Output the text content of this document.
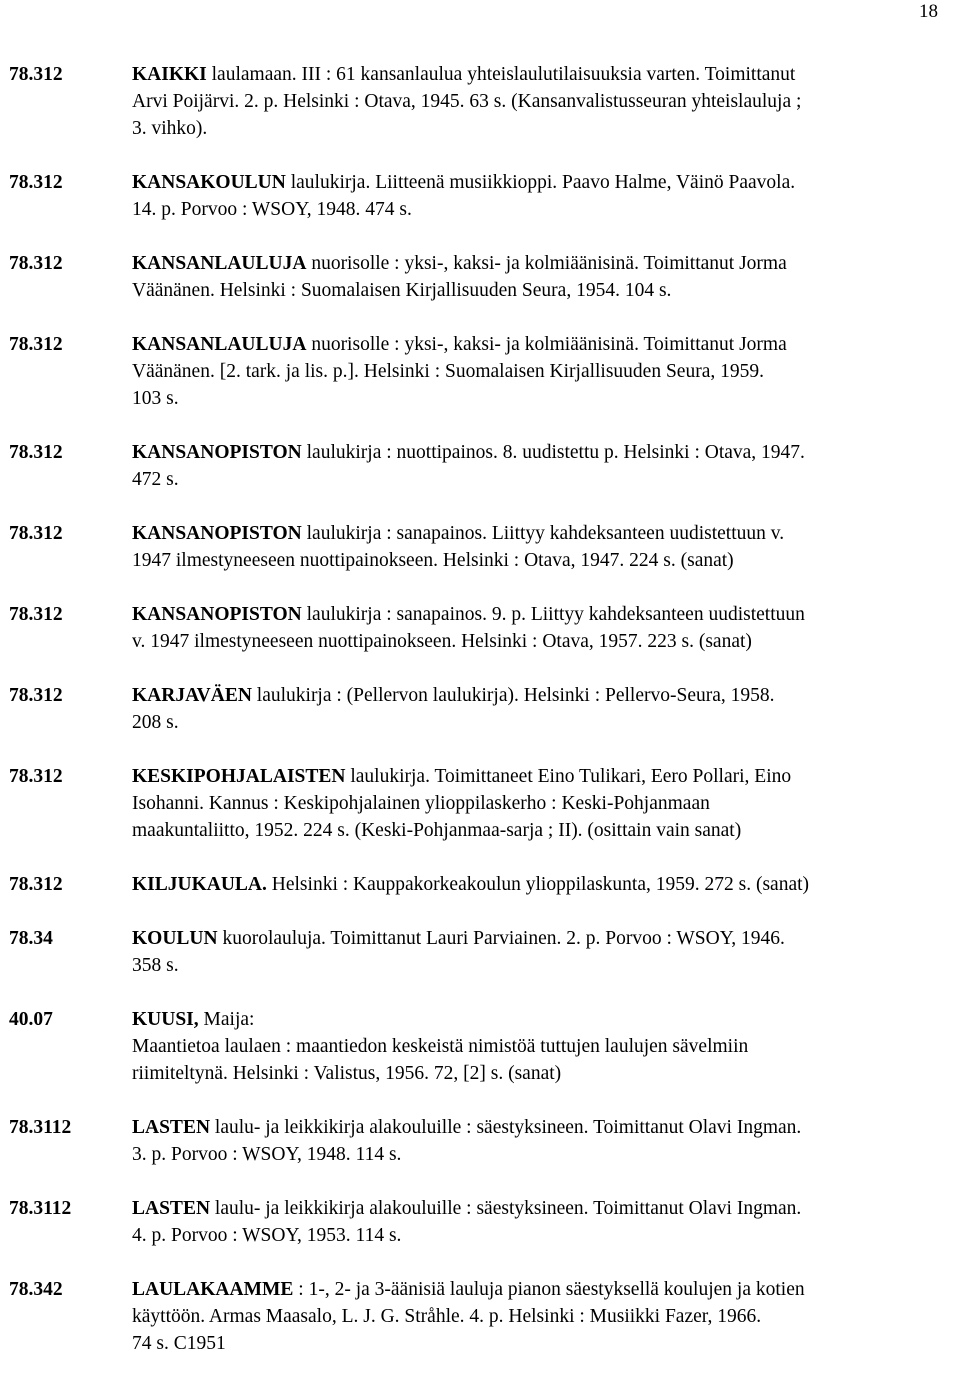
18
78.312	KAIKKI laulamaan. III : 61 kansanlaulua yhteislaulutilaisuuksia varten. Toimittanut
Arvi Poijärvi. 2. p. Helsinki : Otava, 1945. 63 s. (Kansanvalistusseuran yhteislauluja ;
3. vihko).
78.312	KANSAKOULUN laulukirja. Liitteenä musiikkioppi. Paavo Halme, Väinö Paavola.
14. p. Porvoo : WSOY, 1948. 474 s.
78.312	KANSANLAULUJA nuorisolle : yksi-, kaksi- ja kolmiäänisinä. Toimittanut Jorma
Väänänen. Helsinki : Suomalaisen Kirjallisuuden Seura, 1954. 104 s.
78.312	KANSANLAULUJA nuorisolle : yksi-, kaksi- ja kolmiäänisinä. Toimittanut Jorma
Väänänen. [2. tark. ja lis. p.]. Helsinki : Suomalaisen Kirjallisuuden Seura, 1959.
103 s.
78.312	KANSANOPISTON laulukirja : nuottipainos. 8. uudistettu p. Helsinki : Otava, 1947.
472 s.
78.312	KANSANOPISTON laulukirja : sanapainos. Liittyy kahdeksanteen uudistettuun v.
1947 ilmestyneeseen nuottipainokseen. Helsinki : Otava, 1947. 224 s. (sanat)
78.312	KANSANOPISTON laulukirja : sanapainos. 9. p. Liittyy kahdeksanteen uudistettuun
v. 1947 ilmestyneeseen nuottipainokseen. Helsinki : Otava, 1957. 223 s. (sanat)
78.312	KARJAVÄEN laulukirja : (Pellervon laulukirja). Helsinki : Pellervo-Seura, 1958.
208 s.
78.312	KESKIPOHJALAISTEN laulukirja. Toimittaneet Eino Tulikari, Eero Pollari, Eino
Isohanni. Kannus : Keskipohjalainen ylioppilaskerho : Keski-Pohjanmaan
maakuntaliitto, 1952. 224 s. (Keski-Pohjanmaa-sarja ; II). (osittain vain sanat)
78.312	KILJUKAULA. Helsinki : Kauppakorkeakoulun ylioppilaskunta, 1959. 272 s. (sanat)
78.34	KOULUN kuorolauluja. Toimittanut Lauri Parviainen. 2. p. Porvoo : WSOY, 1946.
358 s.
40.07	KUUSI, Maija:
Maantietoa laulaen : maantiedon keskeistä nimistöä tuttujen laulujen sävelmiin
riimiteltynä. Helsinki : Valistus, 1956. 72, [2] s. (sanat)
78.3112	LASTEN laulu- ja leikkikirja alakouluille : säestyksineen. Toimittanut Olavi Ingman.
3. p. Porvoo : WSOY, 1948. 114 s.
78.3112	LASTEN laulu- ja leikkikirja alakouluille : säestyksineen. Toimittanut Olavi Ingman.
4. p. Porvoo : WSOY, 1953. 114 s.
78.342	LAULAKAAMME : 1-, 2- ja 3-äänisiä lauluja pianon säestyksellä koulujen ja kotien
käyttöön. Armas Maasalo, L. J. G. Stråhle. 4. p. Helsinki : Musiikki Fazer, 1966.
74 s. C1951
